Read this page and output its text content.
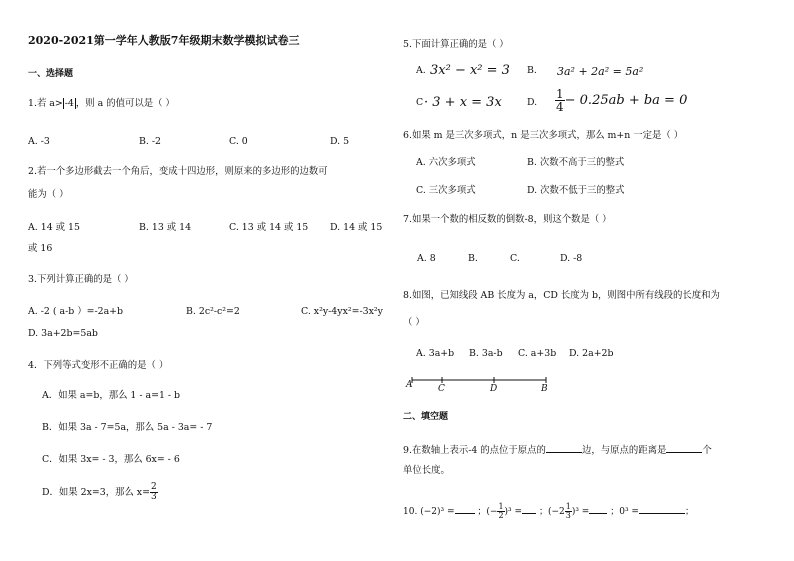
2020-2021第一学年人教版7年级期末数学模拟试卷三
一、选择题
1.若 a> -4 ，则 a 的值可以是（ ）
A. -3	B. -2	C. 0	D. 5
2.若一个多边形截去一个角后，变成十四边形，则原来的多边形的边数可
能为（ ）
A. 14 或 15	B. 13 或 14	C. 13 或 14 或 15 D. 14 或 15
或 16
3.下列计算正确的是（ ）
A. -2 ( a-b ）=-2a+b	B. 2c²-c²=2	C. x²y-4yx²=-3x²y
D. 3a+2b=5ab
4．下列等式变形不正确的是（ ）
A．如果 a=b，那么 1 - a=1 - b
B．如果 3a - 7=5a，那么 5a - 3a= - 7
C．如果 3x= - 3，那么 6x= - 6
D．如果 2x=3，那么 $x= \frac{2}{3}$
5.下面计算正确的是（ ）
A. 3x² − x² = 3 B. 3a² + 2a² = 5a²
C · 3 + x = 3x	D. $\frac{1}{4} - 0.25ab$ + ba = 0
6.如果 m 是三次多项式，n 是三次多项式，那么 m+n 一定是（ ）
A. 六次多项式	B. 次数不高于三的整式
C. 三次多项式	D. 次数不低于三的整式
7.如果一个数的相反数的倒数-8，则这个数是（ ）
A. 8	B.	C.	D. -8
8.如图，已知线段 AB 长度为 a，CD 长度为 b，则图中所有线段的长度和为
（ ）
A. 3a+b B. 3a-b C. a+3b D. 2a+2b
A	C	D	B
二、填空题
9.在数轴上表示-4 的点位于原点的	边，与原点的距离是	个
单位长度。
10. (−2)³ =	；(− $\frac{1}{2} )^3$ = ；$(-2 \frac{1}{3} )^3$ = ；0³ =	；
